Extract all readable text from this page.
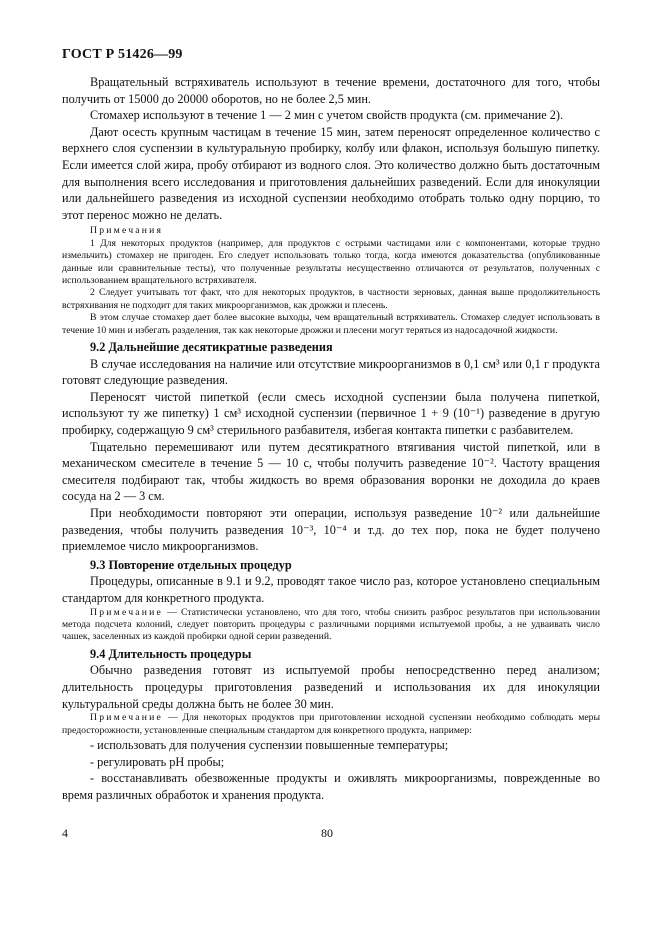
ГОСТ Р 51426—99

Вращательный встряхиватель используют в течение времени, достаточного для того, чтобы получить от 15000 до 20000 оборотов, но не более 2,5 мин.

Стомахер используют в течение 1 — 2 мин с учетом свойств продукта (см. примечание 2).

Дают осесть крупным частицам в течение 15 мин, затем переносят определенное количество с верхнего слоя суспензии в культуральную пробирку, колбу или флакон, используя большую пипетку. Если имеется слой жира, пробу отбирают из водного слоя. Это количество должно быть достаточным для выполнения всего исследования и приготовления дальнейших разведений. Если для инокуляции или дальнейшего разведения из исходной суспензии необходимо отобрать только одну порцию, то этот перенос можно не делать.

Примечания

1 Для некоторых продуктов (например, для продуктов с острыми частицами или с компонентами, которые трудно измельчить) стомахер не пригоден. Его следует использовать только тогда, когда имеются доказательства (опубликованные данные или сравнительные тесты), что полученные результаты несущественно отличаются от результатов, полученных с использованием вращательного встряхивателя.

2 Следует учитывать тот факт, что для некоторых продуктов, в частности зерновых, данная выше продолжительность встряхивания не подходит для таких микроорганизмов, как дрожжи и плесень.

В этом случае стомахер дает более высокие выходы, чем вращательный встряхиватель. Стомахер следует использовать в течение 10 мин и избегать разделения, так как некоторые дрожжи и плесени могут теряться из надосадочной жидкости.

9.2 Дальнейшие десятикратные разведения

В случае исследования на наличие или отсутствие микроорганизмов в 0,1 см³ или 0,1 г продукта готовят следующие разведения.

Переносят чистой пипеткой (если смесь исходной суспензии была получена пипеткой, используют ту же пипетку) 1 см³ исходной суспензии (первичное 1 + 9 (10⁻¹) разведение в другую пробирку, содержащую 9 см³ стерильного разбавителя, избегая контакта пипетки с разбавителем.

Тщательно перемешивают или путем десятикратного втягивания чистой пипеткой, или в механическом смесителе в течение 5 — 10 с, чтобы получить разведение 10⁻². Частоту вращения смесителя подбирают так, чтобы жидкость во время образования воронки не доходила до краев сосуда на 2 — 3 см.

При необходимости повторяют эти операции, используя разведение 10⁻² или дальнейшие разведения, чтобы получить разведения 10⁻³, 10⁻⁴ и т.д. до тех пор, пока не будет получено приемлемое число микроорганизмов.

9.3 Повторение отдельных процедур

Процедуры, описанные в 9.1 и 9.2, проводят такое число раз, которое установлено специальным стандартом для конкретного продукта.

Примечание — Статистически установлено, что для того, чтобы снизить разброс результатов при использовании метода подсчета колоний, следует повторить процедуры с различными порциями испытуемой пробы, а не удваивать число чашек, заселенных из каждой пробирки одной серии разведений.

9.4 Длительность процедуры

Обычно разведения готовят из испытуемой пробы непосредственно перед анализом; длительность процедуры приготовления разведений и использования их для инокуляции культуральной среды должна быть не более 30 мин.

Примечание — Для некоторых продуктов при приготовлении исходной суспензии необходимо соблюдать меры предосторожности, установленные специальным стандартом для конкретного продукта, например:

- использовать для получения суспензии повышенные температуры;

- регулировать pH пробы;

- восстанавливать обезвоженные продукты и оживлять микроорганизмы, поврежденные во время различных обработок и хранения продукта.

4	80
